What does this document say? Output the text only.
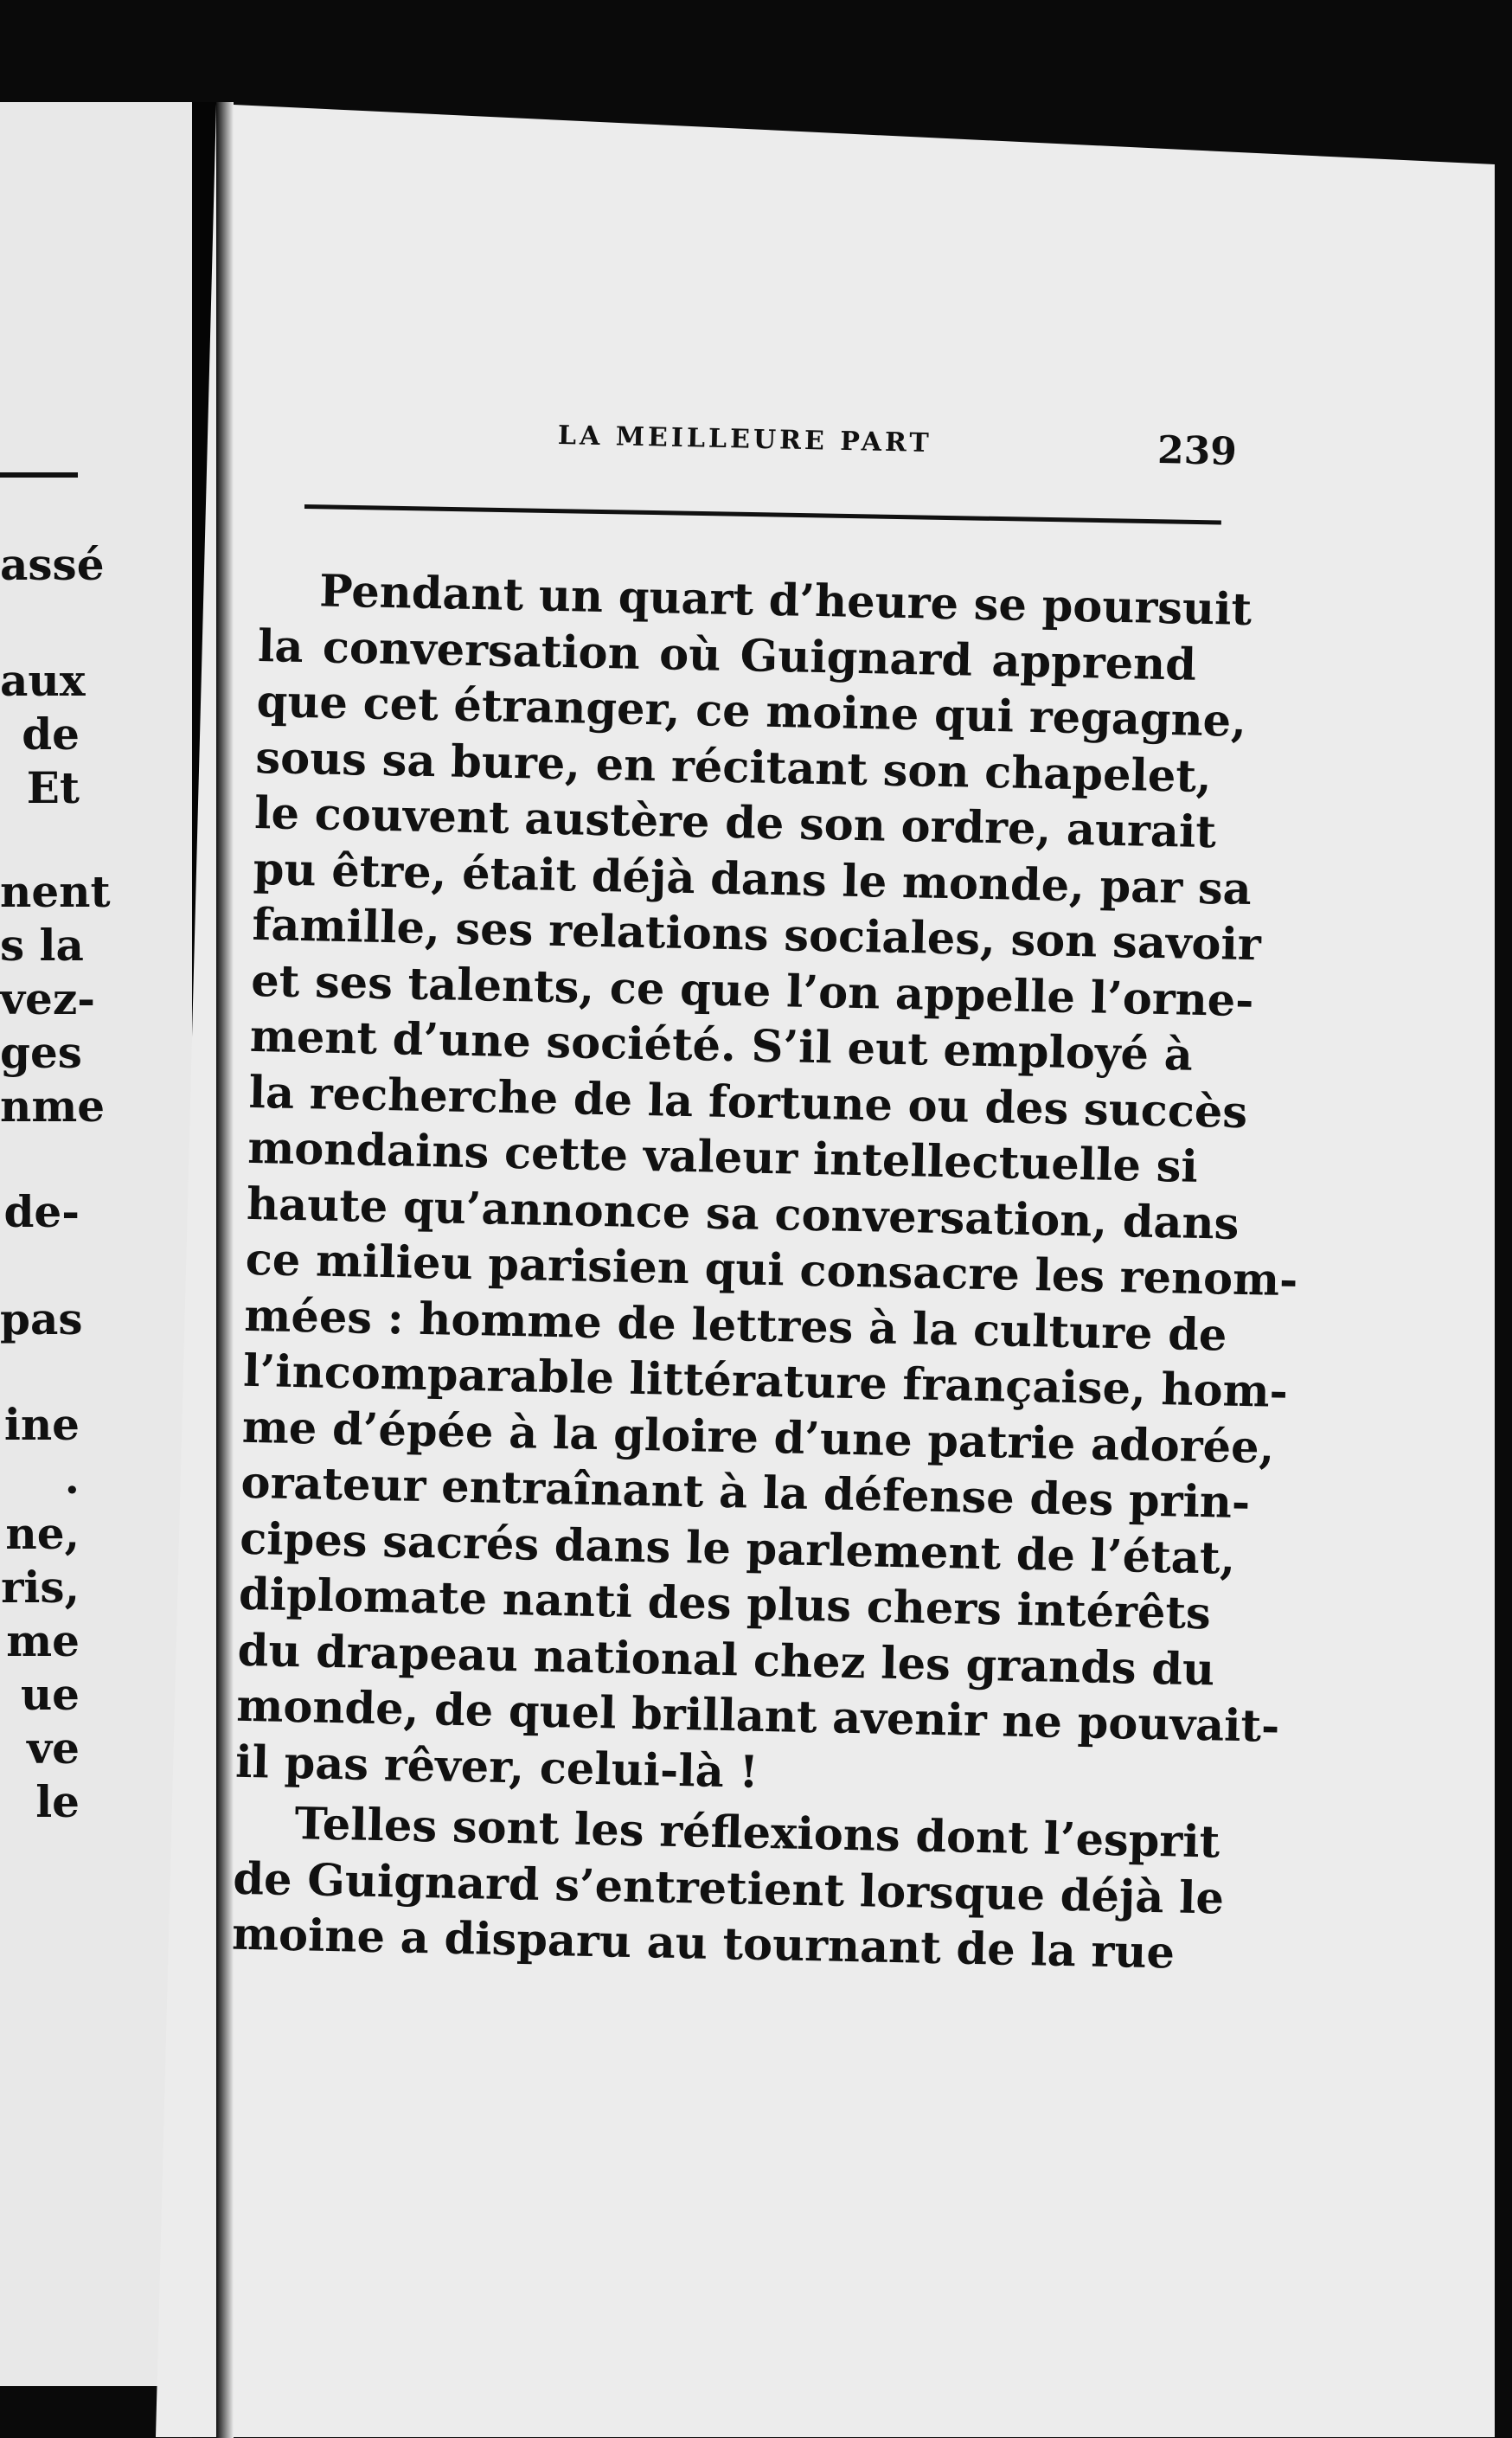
assé
aux
de
Et
nent
s la
vez-
ges
nme
de-
pas
ine
.
ne,
ris,
me
ue
ve
le
LA MEILLEURE PART	239
Pendant un quart d’heure se poursuit
la conversation où Guignard apprend
que cet étranger, ce moine qui regagne,
sous sa bure, en récitant son chapelet,
le couvent austère de son ordre, aurait
pu être, était déjà dans le monde, par sa
famille, ses relations sociales, son savoir
et ses talents, ce que l’on appelle l’orne-
ment d’une société. S’il eut employé à
la recherche de la fortune ou des succès
mondains cette valeur intellectuelle si
haute qu’annonce sa conversation, dans
ce milieu parisien qui consacre les renom-
mées : homme de lettres à la culture de
l’incomparable littérature française, hom-
me d’épée à la gloire d’une patrie adorée,
orateur entraînant à la défense des prin-
cipes sacrés dans le parlement de l’état,
diplomate nanti des plus chers intérêts
du drapeau national chez les grands du
monde, de quel brillant avenir ne pouvait-
il pas rêver, celui-là !
Telles sont les réflexions dont l’esprit
de Guignard s’entretient lorsque déjà le
moine a disparu au tournant de la rue
